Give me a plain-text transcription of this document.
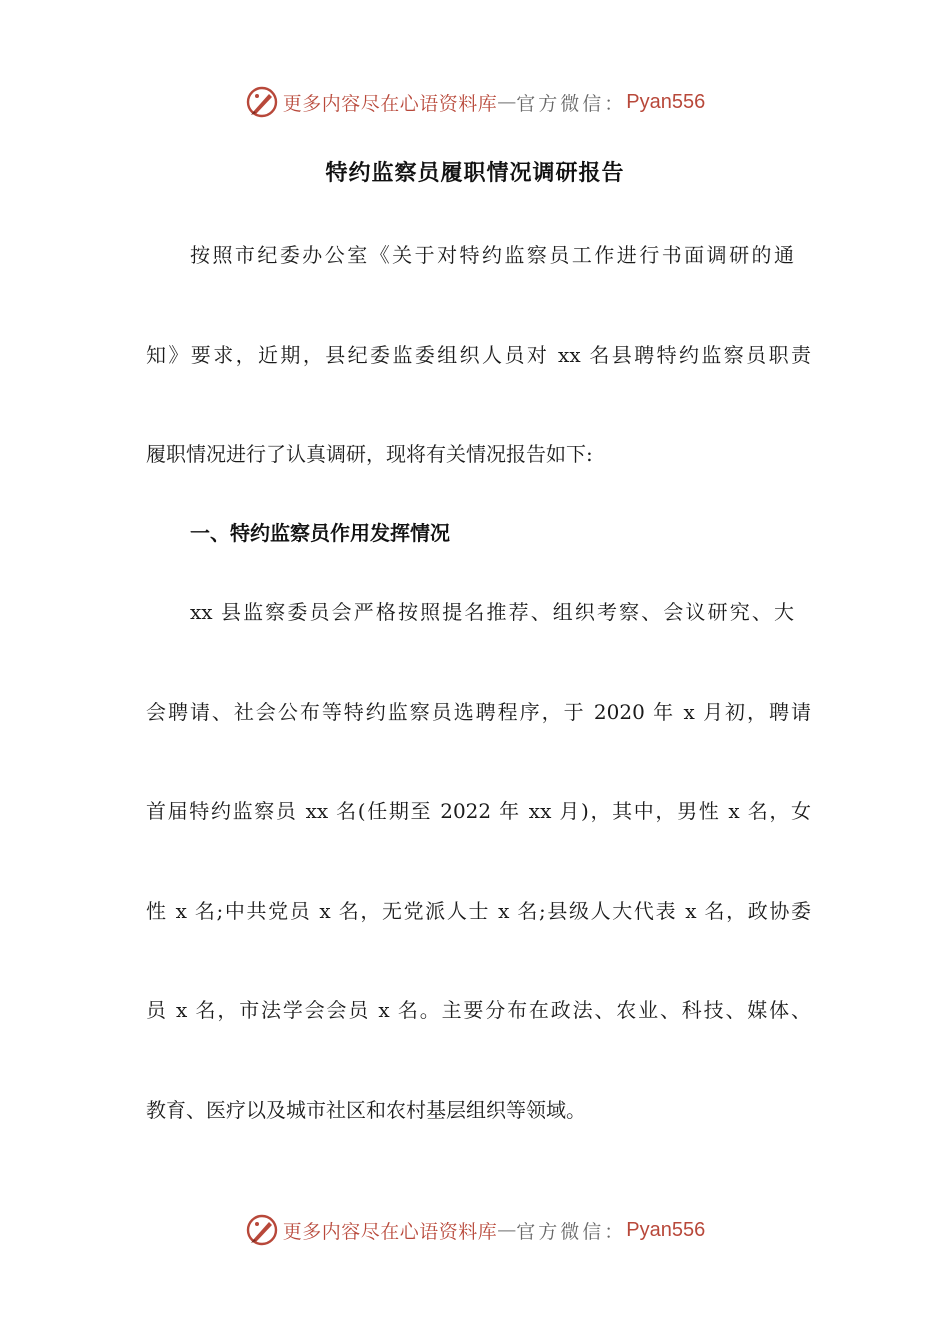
更多内容尽在心语资料库 — 官方微信： Pyan556
特约监察员履职情况调研报告
按照市纪委办公室《关于对特约监察员工作进行书面调研的通
知》要求，近期，县纪委监委组织人员对 xx 名县聘特约监察员职责
履职情况进行了认真调研，现将有关情况报告如下:
一、特约监察员作用发挥情况
xx 县监察委员会严格按照提名推荐、组织考察、会议研究、大
会聘请、社会公布等特约监察员选聘程序，于 2020 年 x 月初，聘请
首届特约监察员 xx 名(任期至 2022 年 xx 月)，其中，男性 x 名，女
性 x 名;中共党员 x 名，无党派人士 x 名;县级人大代表 x 名，政协委
员 x 名，市法学会会员 x 名。主要分布在政法、农业、科技、媒体、
教育、医疗以及城市社区和农村基层组织等领域。
更多内容尽在心语资料库 — 官方微信： Pyan556
